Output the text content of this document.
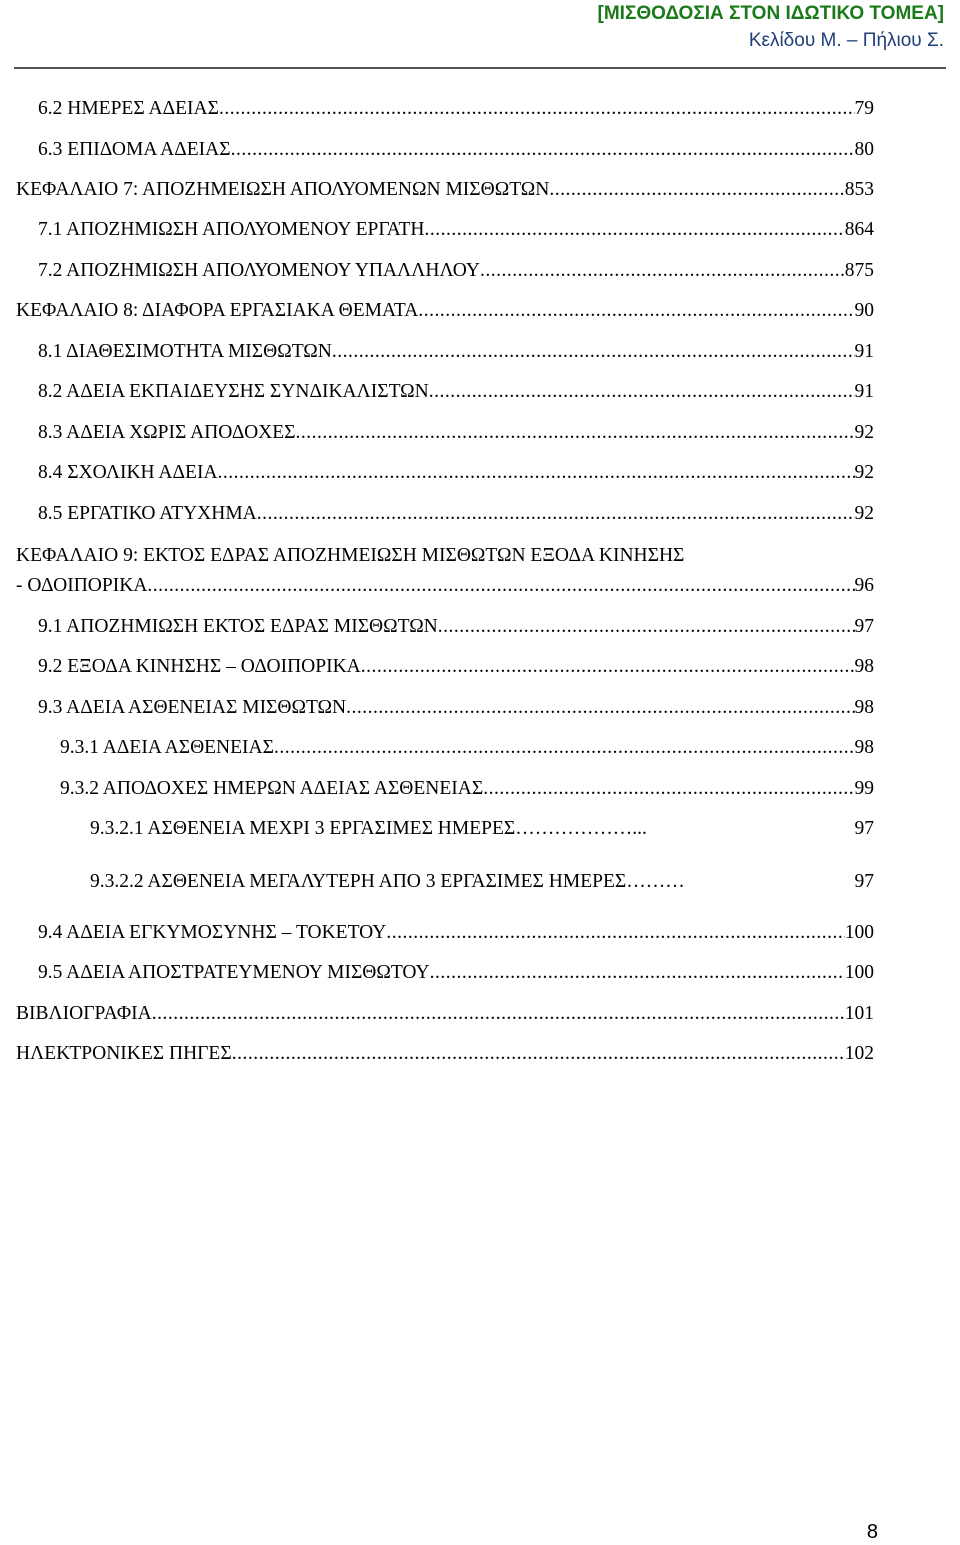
[ΜΙΣΘΟΔΟΣΙΑ ΣΤΟΝ ΙΔΩΤΙΚΟ ΤΟΜΕΑ]
Κελίδου Μ. – Πήλιου Σ.
6.2 ΗΜΕΡΕΣ ΑΔΕΙΑΣ .....	79
6.3 ΕΠΙΔΟΜΑ ΑΔΕΙΑΣ .....	80
ΚΕΦΑΛΑΙΟ 7: ΑΠΟΖΗΜΕΙΩΣΗ ΑΠΟΛΥΟΜΕΝΩΝ ΜΙΣΘΩΤΩΝ .....	853
7.1 ΑΠΟΖΗΜΙΩΣΗ ΑΠΟΛΥΟΜΕΝΟΥ ΕΡΓΑΤΗ .....	864
7.2 ΑΠΟΖΗΜΙΩΣΗ ΑΠΟΛΥΟΜΕΝΟΥ ΥΠΑΛΛΗΛΟΥ .....	875
ΚΕΦΑΛΑΙΟ 8: ΔΙΑΦΟΡΑ ΕΡΓΑΣΙΑΚΑ ΘΕΜΑΤΑ .....	90
8.1 ΔΙΑΘΕΣΙΜΟΤΗΤΑ ΜΙΣΘΩΤΩΝ .....	91
8.2 ΑΔΕΙΑ ΕΚΠΑΙΔΕΥΣΗΣ ΣΥΝΔΙΚΑΛΙΣΤΩΝ .....	91
8.3 ΑΔΕΙΑ ΧΩΡΙΣ ΑΠΟΔΟΧΕΣ .....	92
8.4 ΣΧΟΛΙΚΗ ΑΔΕΙΑ .....	92
8.5 ΕΡΓΑΤΙΚΟ ΑΤΥΧΗΜΑ .....	92
ΚΕΦΑΛΑΙΟ 9: ΕΚΤΟΣ ΕΔΡΑΣ ΑΠΟΖΗΜΕΙΩΣΗ ΜΙΣΘΩΤΩΝ ΕΞΟΔΑ ΚΙΝΗΣΗΣ
- ΟΔΟΙΠΟΡΙΚΑ .....	96
9.1 ΑΠΟΖΗΜΙΩΣΗ ΕΚΤΟΣ ΕΔΡΑΣ ΜΙΣΘΩΤΩΝ .....	97
9.2 ΕΞΟΔΑ ΚΙΝΗΣΗΣ – ΟΔΟΙΠΟΡΙΚΑ .....	98
9.3 ΑΔΕΙΑ ΑΣΘΕΝΕΙΑΣ ΜΙΣΘΩΤΩΝ .....	98
9.3.1 ΑΔΕΙΑ ΑΣΘΕΝΕΙΑΣ .....	98
9.3.2 ΑΠΟΔΟΧΕΣ ΗΜΕΡΩΝ ΑΔΕΙΑΣ ΑΣΘΕΝΕΙΑΣ .....	99
9.3.2.1 ΑΣΘΕΝΕΙΑ ΜΕΧΡΙ 3 ΕΡΓΑΣΙΜΕΣ ΗΜΕΡΕΣ………………...	97
9.3.2.2 ΑΣΘΕΝΕΙΑ ΜΕΓΑΛΥΤΕΡΗ ΑΠΟ 3 ΕΡΓΑΣΙΜΕΣ ΗΜΕΡΕΣ………	97
9.4 ΑΔΕΙΑ ΕΓΚΥΜΟΣΥΝΗΣ – ΤΟΚΕΤΟΥ .....	100
9.5 ΑΔΕΙΑ ΑΠΟΣΤΡΑΤΕΥΜΕΝΟΥ ΜΙΣΘΩΤΟΥ .....	100
ΒΙΒΛΙΟΓΡΑΦΙΑ .....	101
ΗΛΕΚΤΡΟΝΙΚΕΣ ΠΗΓΕΣ .....	102
8
